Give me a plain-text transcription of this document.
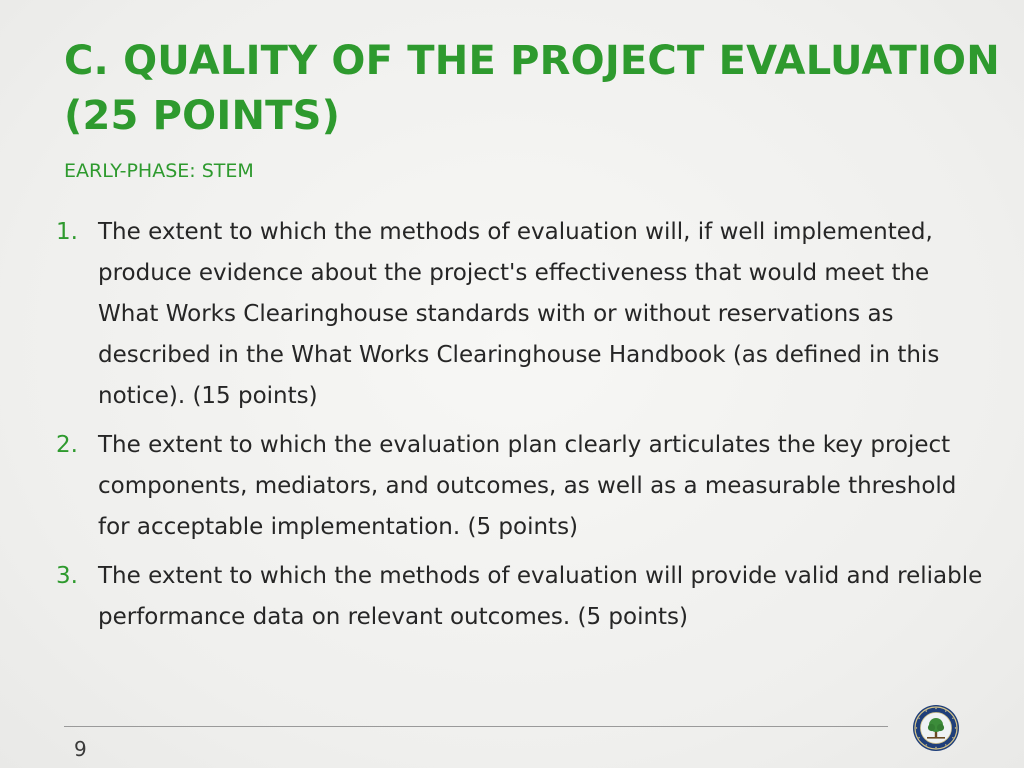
C. QUALITY OF THE PROJECT EVALUATION (25 POINTS)
EARLY-PHASE: STEM
1. The extent to which the methods of evaluation will, if well implemented, produce evidence about the project's effectiveness that would meet the What Works Clearinghouse standards with or without reservations as described in the What Works Clearinghouse Handbook (as defined in this notice). (15 points)
2. The extent to which the evaluation plan clearly articulates the key project components, mediators, and outcomes, as well as a measurable threshold for acceptable implementation. (5 points)
3. The extent to which the methods of evaluation will provide valid and reliable performance data on relevant outcomes. (5 points)
9
